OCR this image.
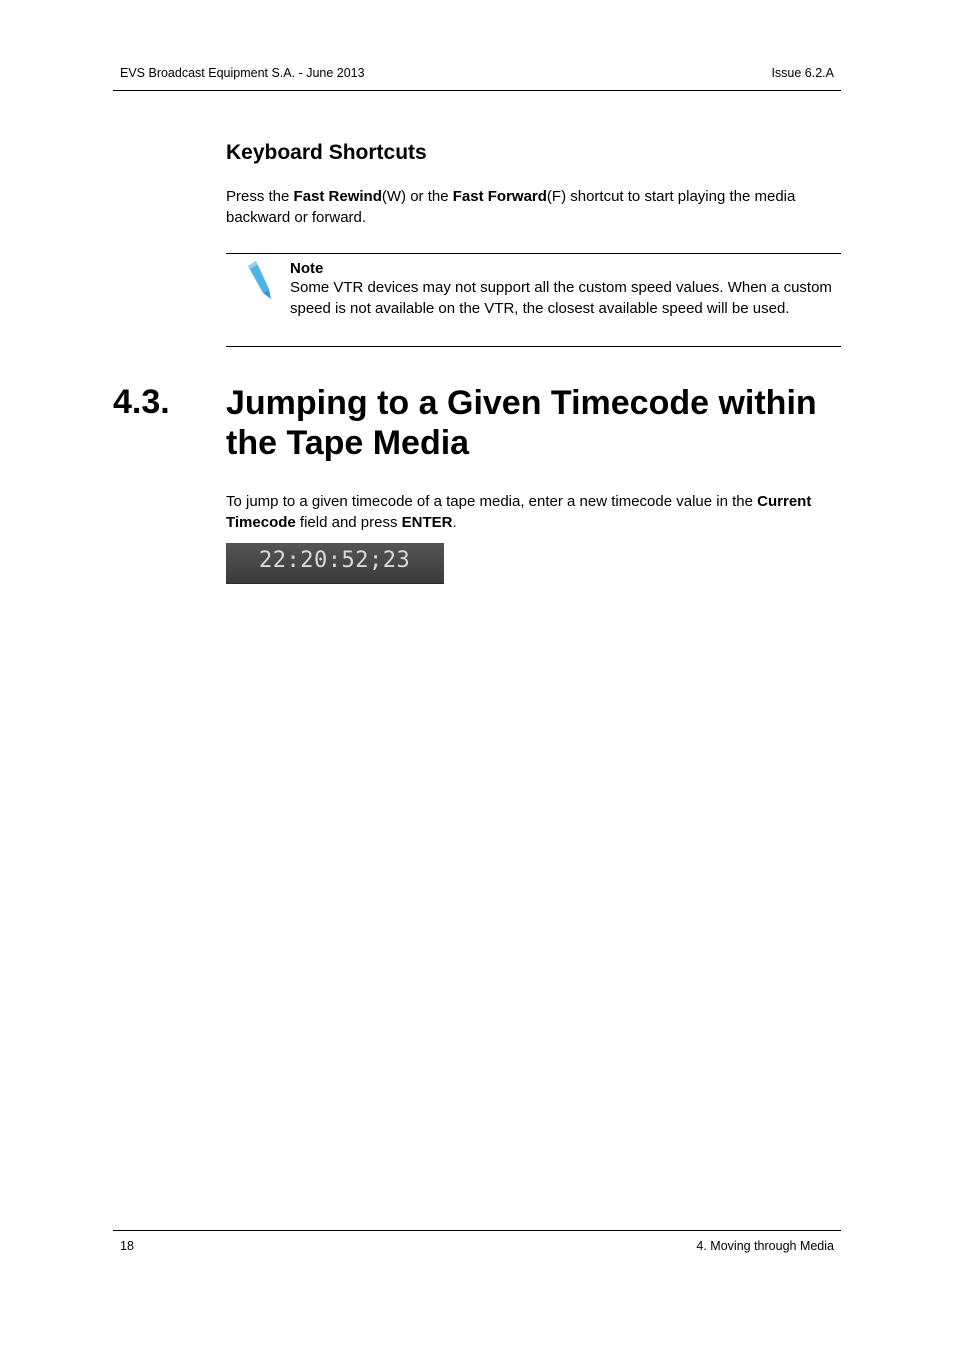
EVS Broadcast Equipment S.A. - June 2013	Issue 6.2.A
Keyboard Shortcuts

Press the Fast Rewind(W) or the Fast Forward(F) shortcut to start playing the media backward or forward.

Note
Some VTR devices may not support all the custom speed values. When a custom speed is not available on the VTR, the closest available speed will be used.
4.3. Jumping to a Given Timecode within the Tape Media

To jump to a given timecode of a tape media, enter a new timecode value in the Current Timecode field and press ENTER.

22:20:52;23
18	4. Moving through Media
